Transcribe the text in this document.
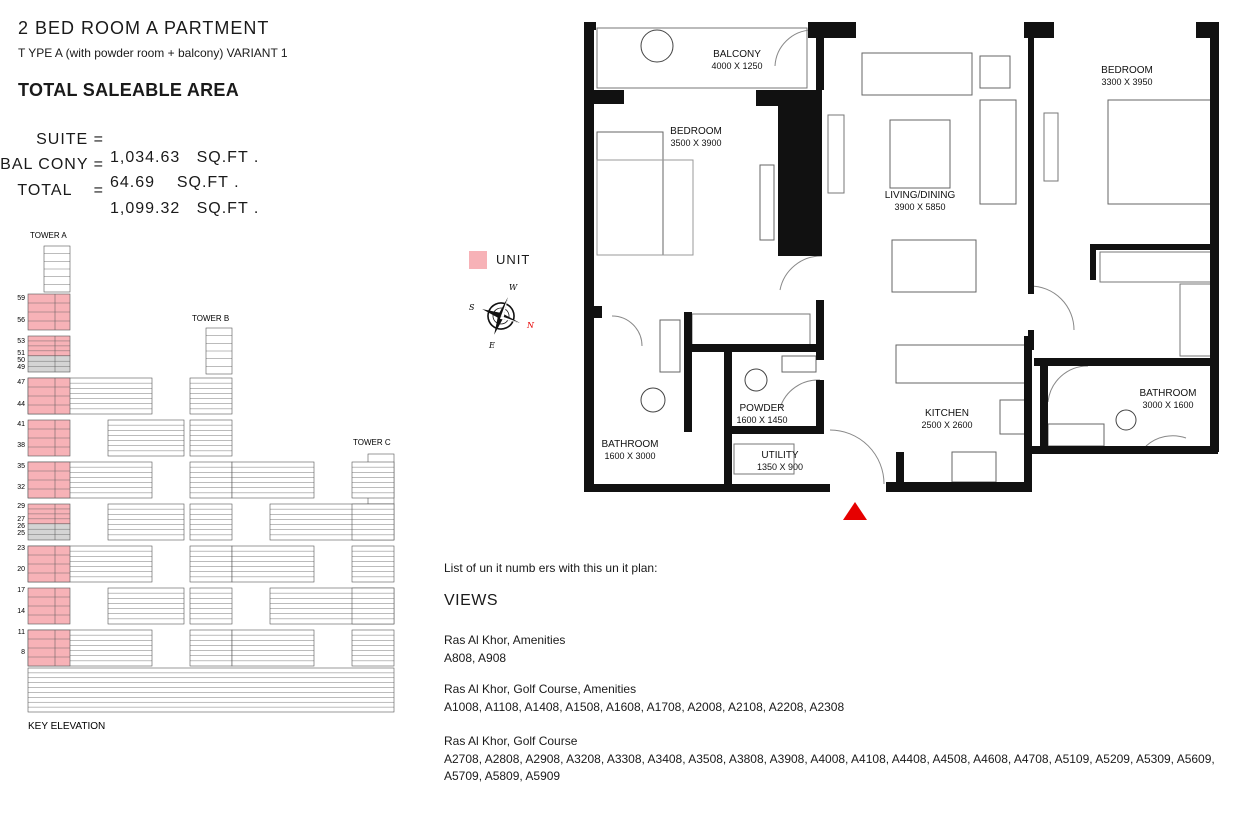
2 BED ROOM A PARTMENT
T YPE A (with powder room + balcony) VARIANT 1
TOTAL SALEABLE AREA

SUITE =

1,034.63   SQ.FT .

BAL CONY =

64.69    SQ.FT .

TOTAL    =

1,099.32   SQ.FT .

59
56
53
51
50
49
47
44
41
38
35
32
29
27
26
25
23
20
17
14
11
8
TOWER A
TOWER B
TOWER C
KEY ELEVATION
UNIT
W
S
N
E
BALCONY
4000 X 1250
BEDROOM
3500 X 3900
LIVING/DINING
3900 X 5850
BEDROOM
3300 X 3950
BATHROOM
1600 X 3000
POWDER
1600 X 1450
UTILITY
1350 X 900
KITCHEN
2500 X 2600
BATHROOM
3000 X 1600
List of un it numb ers with this un it plan:
VIEWS
Ras Al Khor, Amenities
A808, A908
Ras Al Khor, Golf Course, Amenities
A1008, A1108, A1408, A1508, A1608, A1708, A2008, A2108, A2208, A2308
Ras Al Khor, Golf Course
A2708, A2808, A2908, A3208, A3308, A3408, A3508, A3808, A3908, A4008, A4108, A4408, A4508, A4608, A4708, A5109, A5209, A5309, A5609, A5709, A5809, A5909
